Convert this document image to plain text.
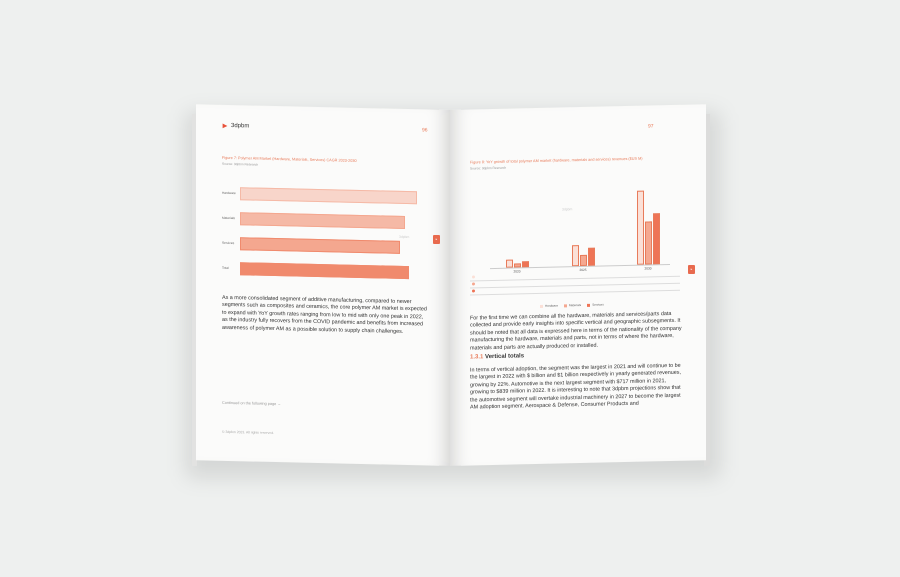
3dpbm
96
Figure 7: Polymer AM Market (Hardware, Materials, Services) CAGR 2023-2030
Source: 3dpbm Research
Hardware
Materials
Services
Total
3dpbm
As a more consolidated segment of additive manufacturing, compared to newer segments such as composites and ceramics, the core polymer AM market is expected to expand with YoY growth rates ranging from low to mid with only one peak in 2022, as the industry fully recovers from the COVID pandemic and benefits from increased awareness of polymer AM as a possible solution to supply chain challenges.
Continued on the following page →
© 3dpbm 2023. All rights reserved.
▸
97
Figure 8: YoY growth of total polymer AM market (hardware, materials and services) revenues ($US M)
Source: 3dpbm Research
3dpbm
2020	2025	2030
Hardware	Materials	Services
For the first time we can combine all the hardware, materials and services/parts data collected and provide early insights into specific vertical and geographic subsegments. It should be noted that all data is expressed here in terms of the nationality of the company manufacturing the hardware, materials and parts, not in terms of where the hardware, materials and parts are actually produced or installed.
1.3.1 Vertical totals
In terms of vertical adoption, the segment was the largest in 2021 and will continue to be the largest in 2022 with $ billion and $1 billion respectively in yearly generated revenues, growing by 22%. Automotive is the next largest segment with $717 million in 2021, growing to $839 million in 2022. It is interesting to note that 3dpbm projections show that the automotive segment will overtake industrial machinery in 2027 to become the largest AM adoption segment. Aerospace & Defense, Consumer Products and
▸
